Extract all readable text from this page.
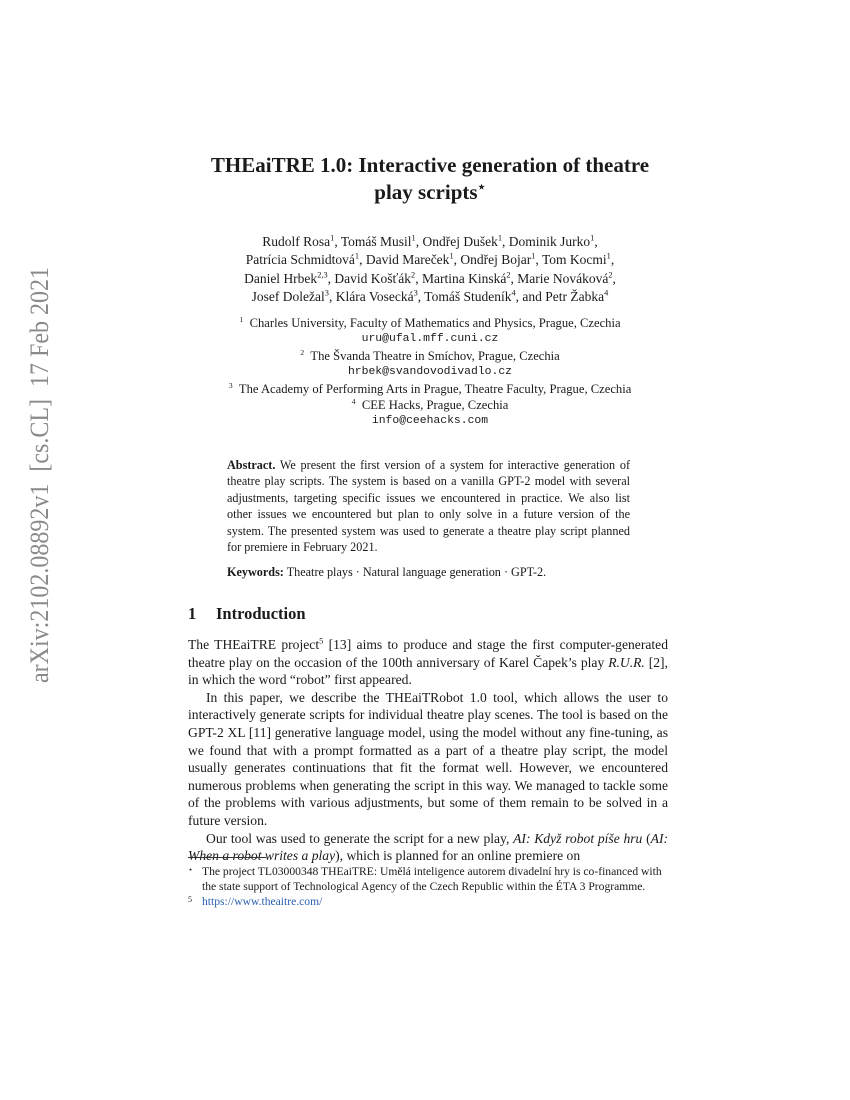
arXiv:2102.08892v1  [cs.CL]  17 Feb 2021
THEaiTRE 1.0: Interactive generation of theatre
play scripts⋆
Rudolf Rosa$^1$, Tomáš Musil$^1$, Ondřej Dušek$^1$, Dominik Jurko$^1$,
Patrícia Schmidtová$^1$, David Mareček$^1$, Ondřej Bojar$^1$, Tom Kocmi$^1$,
Daniel Hrbek$^{2,3}$, David Košťák$^2$, Martina Kinská$^2$, Marie Nováková$^2$,
Josef Doležal$^3$, Klára Vosecká$^3$, Tomáš Studeník$^4$, and Petr Žabka$^4$
$^1$  Charles University, Faculty of Mathematics and Physics, Prague, Czechia
uru@ufal.mff.cuni.cz
$^2$  The Švanda Theatre in Smíchov, Prague, Czechia
hrbek@svandovodivadlo.cz
$^3$  The Academy of Performing Arts in Prague, Theatre Faculty, Prague, Czechia
$^4$  CEE Hacks, Prague, Czechia
info@ceehacks.com
Abstract. We present the first version of a system for interactive generation of theatre play scripts. The system is based on a vanilla GPT-2 model with several adjustments, targeting specific issues we encountered in practice. We also list other issues we encountered but plan to only solve in a future version of the system. The presented system was used to generate a theatre play script planned for premiere in February 2021.
Keywords: Theatre plays · Natural language generation · GPT-2.
1 Introduction

The THEaiTRE project$^5$ [13] aims to produce and stage the first computer-generated theatre play on the occasion of the 100th anniversary of Karel Čapek’s play R.U.R. [2], in which the word “robot” first appeared.

In this paper, we describe the THEaiTRobot 1.0 tool, which allows the user to interactively generate scripts for individual theatre play scenes. The tool is based on the GPT-2 XL [11] generative language model, using the model without any fine-tuning, as we found that with a prompt formatted as a part of a theatre play script, the model usually generates continuations that fit the format well. However, we encountered numerous problems when generating the script in this way. We managed to tackle some of the problems with various adjustments, but some of them remain to be solved in a future version.

Our tool was used to generate the script for a new play, AI: Když robot píše hru (AI: When a robot writes a play), which is planned for an online premiere on

⋆ The project TL03000348 THEaiTRE: Umělá inteligence autorem divadelní hry is co-financed with the state support of Technological Agency of the Czech Republic within the ÉTA 3 Programme.
5 https://www.theaitre.com/
